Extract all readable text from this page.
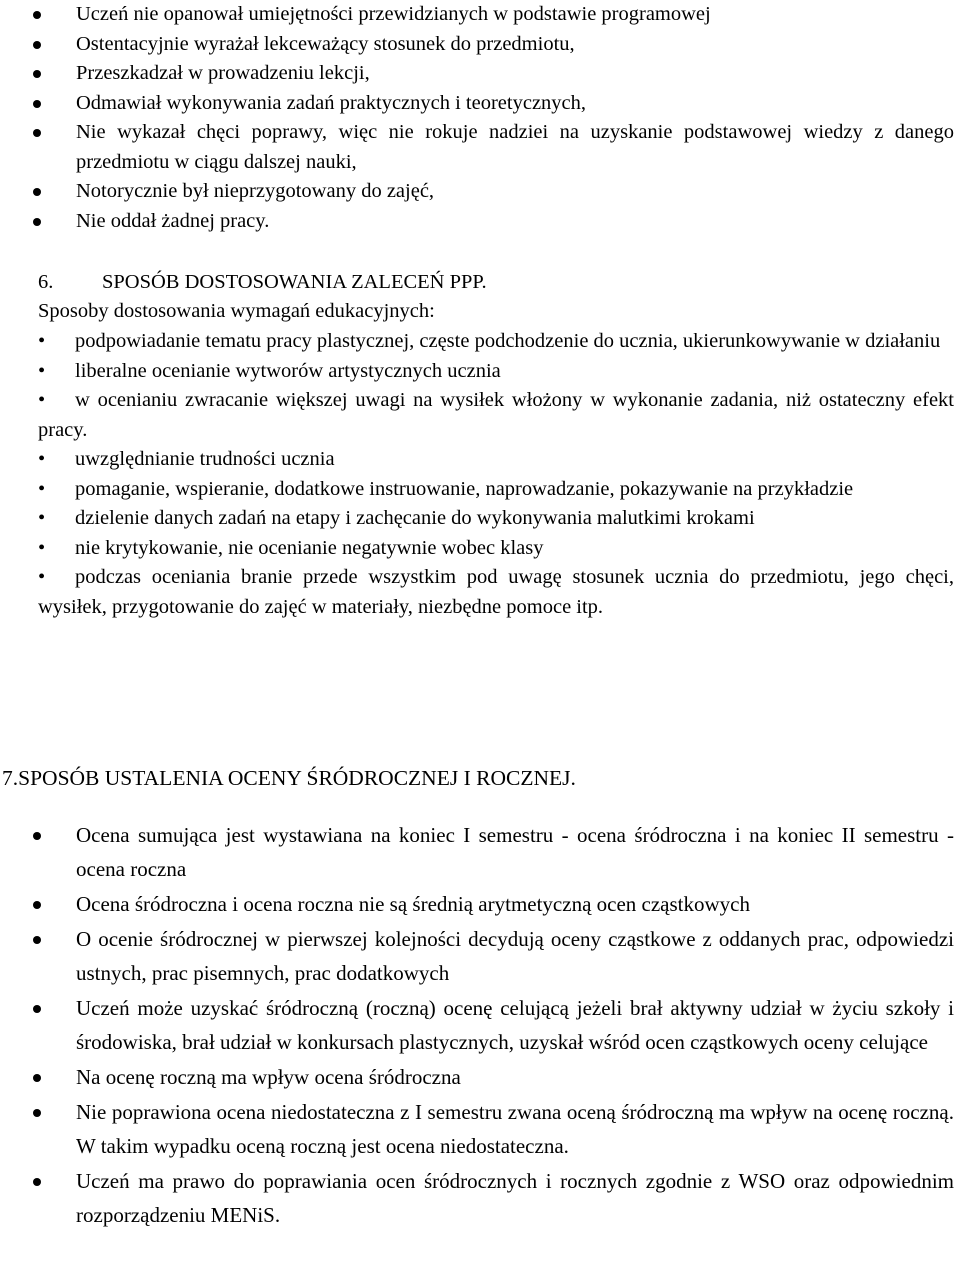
Uczeń nie opanował umiejętności przewidzianych w podstawie programowej
Ostentacyjnie wyrażał lekceważący stosunek do przedmiotu,
Przeszkadzał w prowadzeniu lekcji,
Odmawiał wykonywania zadań praktycznych i teoretycznych,
Nie wykazał chęci poprawy, więc nie rokuje nadziei na uzyskanie podstawowej wiedzy z danego przedmiotu w ciągu dalszej nauki,
Notorycznie był nieprzygotowany do zajęć,
Nie oddał żadnej pracy.
6. SPOSÓB DOSTOSOWANIA ZALECEŃ PPP.
Sposoby dostosowania wymagań edukacyjnych:
• podpowiadanie tematu pracy plastycznej, częste podchodzenie do ucznia, ukierunkowywanie w działaniu
• liberalne ocenianie wytworów artystycznych ucznia
• w ocenianiu zwracanie większej uwagi na wysiłek włożony w wykonanie zadania, niż ostateczny efekt pracy.
• uwzględnianie trudności ucznia
• pomaganie, wspieranie, dodatkowe instruowanie, naprowadzanie, pokazywanie na przykładzie
• dzielenie danych zadań na etapy i zachęcanie do wykonywania malutkimi krokami
• nie krytykowanie, nie ocenianie negatywnie wobec klasy
• podczas oceniania branie przede wszystkim pod uwagę stosunek ucznia do przedmiotu, jego chęci, wysiłek, przygotowanie do zajęć w materiały, niezbędne pomoce itp.
7.SPOSÓB USTALENIA OCENY ŚRÓDROCZNEJ I ROCZNEJ.
Ocena sumująca jest wystawiana na koniec I semestru - ocena śródroczna i na koniec II semestru - ocena roczna
Ocena śródroczna i ocena roczna nie są średnią arytmetyczną ocen cząstkowych
O ocenie śródrocznej w pierwszej kolejności decydują oceny cząstkowe z oddanych prac, odpowiedzi ustnych, prac pisemnych, prac dodatkowych
Uczeń może uzyskać śródroczną (roczną) ocenę celującą jeżeli brał aktywny udział w życiu szkoły i środowiska, brał udział w konkursach plastycznych, uzyskał wśród ocen cząstkowych oceny celujące
Na ocenę roczną ma wpływ ocena śródroczna
Nie poprawiona ocena niedostateczna z I semestru zwana oceną śródroczną ma wpływ na ocenę roczną. W takim wypadku oceną roczną jest ocena niedostateczna.
Uczeń ma prawo do poprawiania ocen śródrocznych i rocznych zgodnie z WSO oraz odpowiednim rozporządzeniu MENiS.
